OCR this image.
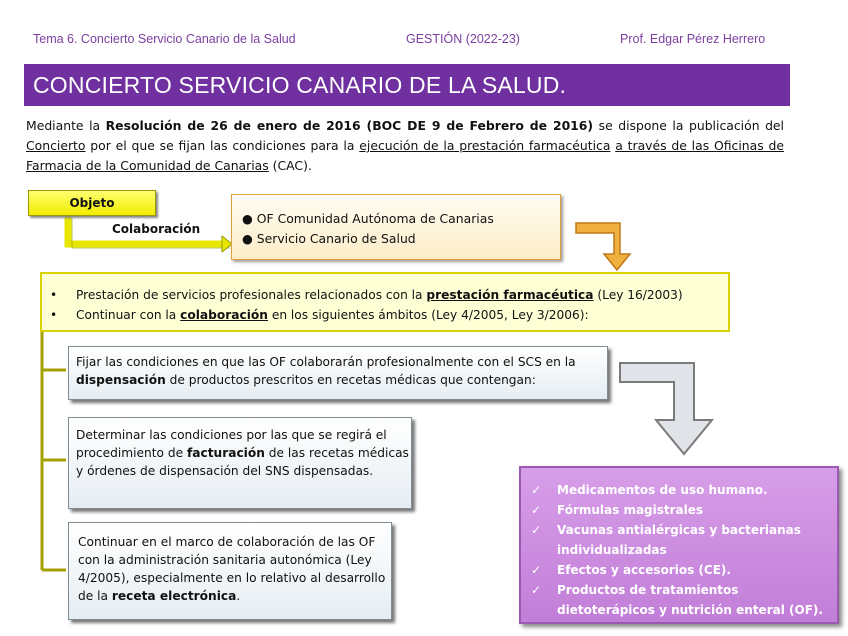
Tema 6. Concierto Servicio Canario de la Salud	GESTIÓN (2022-23)	Prof. Edgar Pérez Herrero
CONCIERTO SERVICIO CANARIO DE LA SALUD.
Mediante la Resolución de 26 de enero de 2016 (BOC DE 9 de Febrero de 2016) se dispone la publicación del Concierto por el que se fijan las condiciones para la ejecución de la prestación farmacéutica a través de las Oficinas de Farmacia de la Comunidad de Canarias (CAC).
Objeto
Colaboración
● OF Comunidad Autónoma de Canarias
● Servicio Canario de Salud
• Prestación de servicios profesionales relacionados con la prestación farmacéutica (Ley 16/2003)
• Continuar con la colaboración en los siguientes ámbitos (Ley 4/2005, Ley 3/2006):
Fijar las condiciones en que las OF colaborarán profesionalmente con el SCS en la dispensación de productos prescritos en recetas médicas que contengan:
Determinar las condiciones por las que se regirá el procedimiento de facturación de las recetas médicas y órdenes de dispensación del SNS dispensadas.
Continuar en el marco de colaboración de las OF con la administración sanitaria autonómica (Ley 4/2005), especialmente en lo relativo al desarrollo de la receta electrónica.
✓ Medicamentos de uso humano.
✓ Fórmulas magistrales
✓ Vacunas antialérgicas y bacterianas individualizadas
✓ Efectos y accesorios (CE).
✓ Productos de tratamientos dietoterápicos y nutrición enteral (OF).
